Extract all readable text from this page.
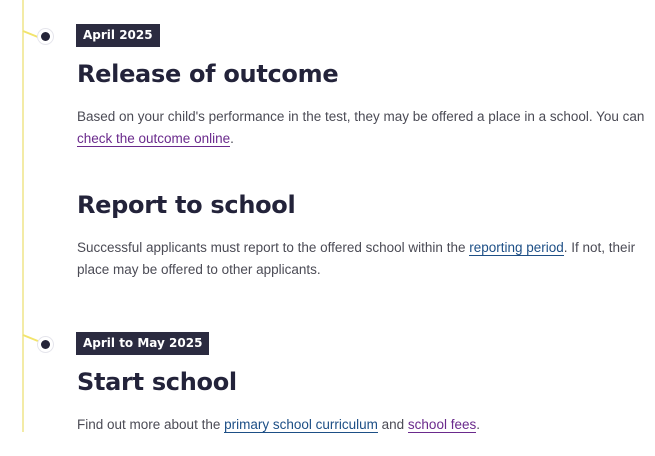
April 2025
Release of outcome

Based on your child's performance in the test, they may be offered a place in a school. You can check the outcome online.

Report to school

Successful applicants must report to the offered school within the reporting period. If not, their place may be offered to other applicants.

April to May 2025
Start school

Find out more about the primary school curriculum and school fees.
